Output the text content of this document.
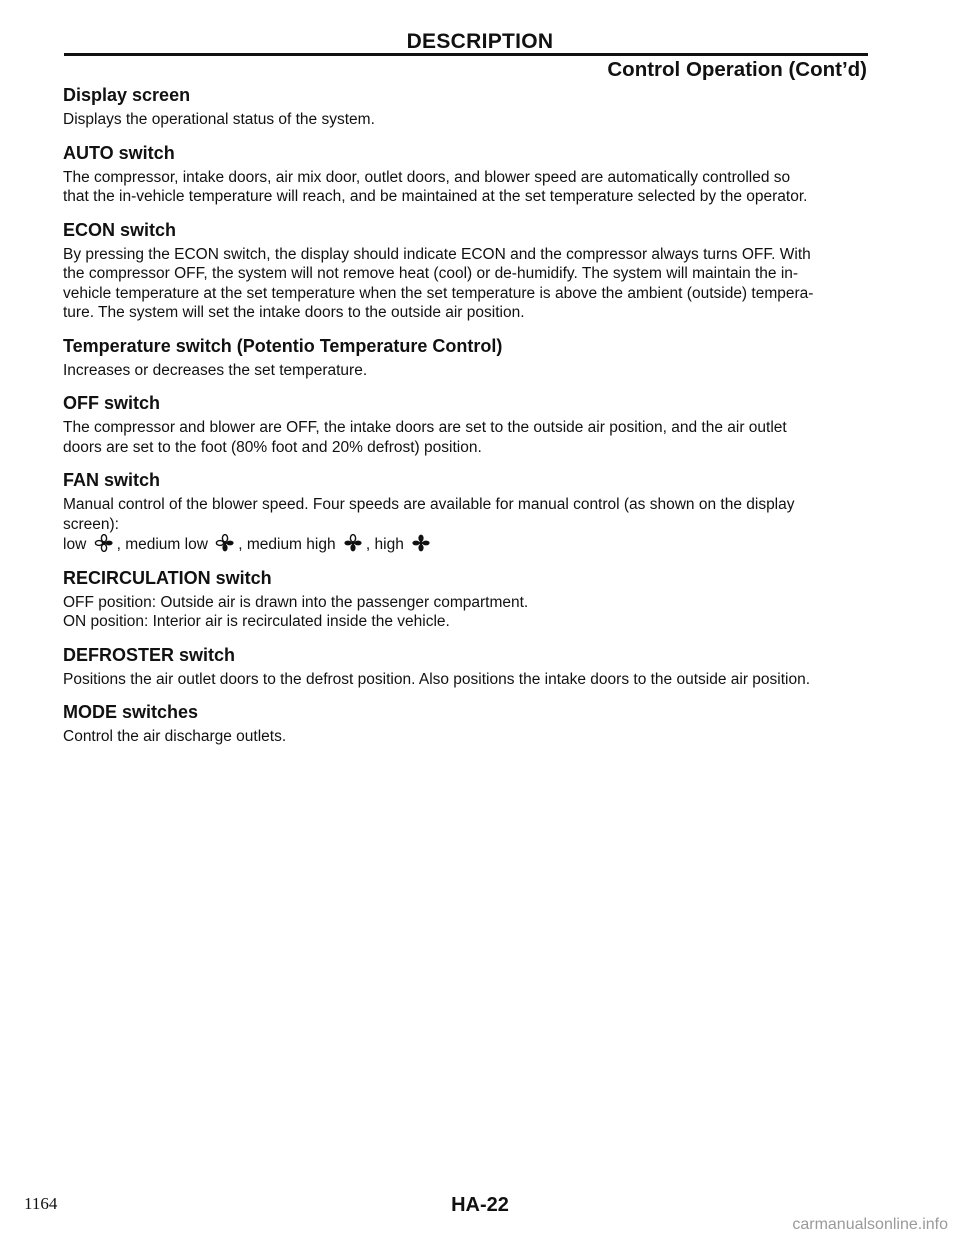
DESCRIPTION
Control Operation (Cont’d)
Display screen
Displays the operational status of the system.
AUTO switch
The compressor, intake doors, air mix door, outlet doors, and blower speed are automatically controlled so
that the in-vehicle temperature will reach, and be maintained at the set temperature selected by the operator.
ECON switch
By pressing the ECON switch, the display should indicate ECON and the compressor always turns OFF. With
the compressor OFF, the system will not remove heat (cool) or de-humidify. The system will maintain the in-
vehicle temperature at the set temperature when the set temperature is above the ambient (outside) tempera-
ture. The system will set the intake doors to the outside air position.
Temperature switch (Potentio Temperature Control)
Increases or decreases the set temperature.
OFF switch
The compressor and blower are OFF, the intake doors are set to the outside air position, and the air outlet
doors are set to the foot (80% foot and 20% defrost) position.
FAN switch
Manual control of the blower speed. Four speeds are available for manual control (as shown on the display
screen):
low , medium low , medium high , high
RECIRCULATION switch
OFF position: Outside air is drawn into the passenger compartment.
ON position: Interior air is recirculated inside the vehicle.
DEFROSTER switch
Positions the air outlet doors to the defrost position. Also positions the intake doors to the outside air position.
MODE switches
Control the air discharge outlets.
1164	HA-22
carmanualsonline.info
